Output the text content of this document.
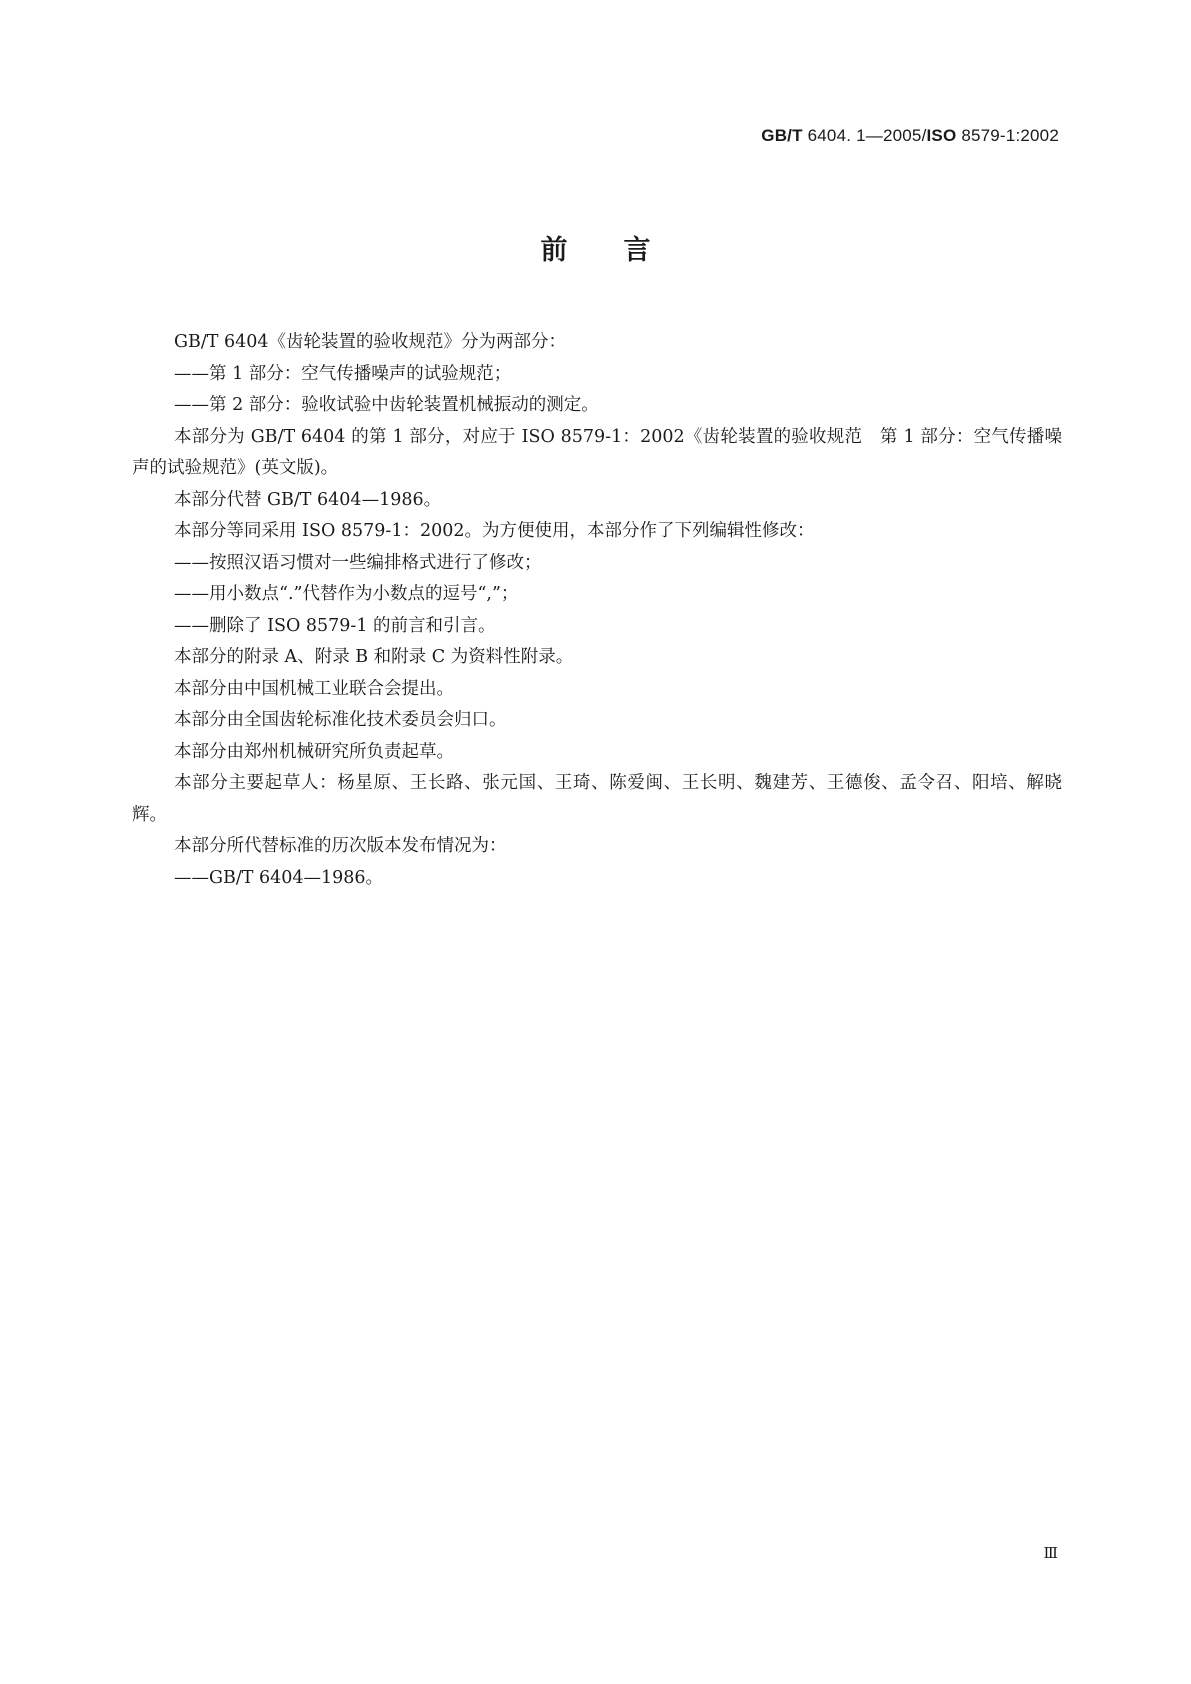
GB/T 6404. 1—2005/ISO 8579-1:2002
前言

GB/T 6404《齿轮装置的验收规范》分为两部分：

——第 1 部分：空气传播噪声的试验规范；

——第 2 部分：验收试验中齿轮装置机械振动的测定。

本部分为 GB/T 6404 的第 1 部分，对应于 ISO 8579-1：2002《齿轮装置的验收规范　第 1 部分：空气传播噪声的试验规范》(英文版)。

本部分代替 GB/T 6404—1986。

本部分等同采用 ISO 8579-1：2002。为方便使用，本部分作了下列编辑性修改：

——按照汉语习惯对一些编排格式进行了修改；

——用小数点“.”代替作为小数点的逗号“,”；

——删除了 ISO 8579-1 的前言和引言。

本部分的附录 A、附录 B 和附录 C 为资料性附录。

本部分由中国机械工业联合会提出。

本部分由全国齿轮标准化技术委员会归口。

本部分由郑州机械研究所负责起草。

本部分主要起草人：杨星原、王长路、张元国、王琦、陈爱闽、王长明、魏建芳、王德俊、孟令召、阳培、解晓辉。

本部分所代替标准的历次版本发布情况为：

——GB/T 6404—1986。

Ⅲ
